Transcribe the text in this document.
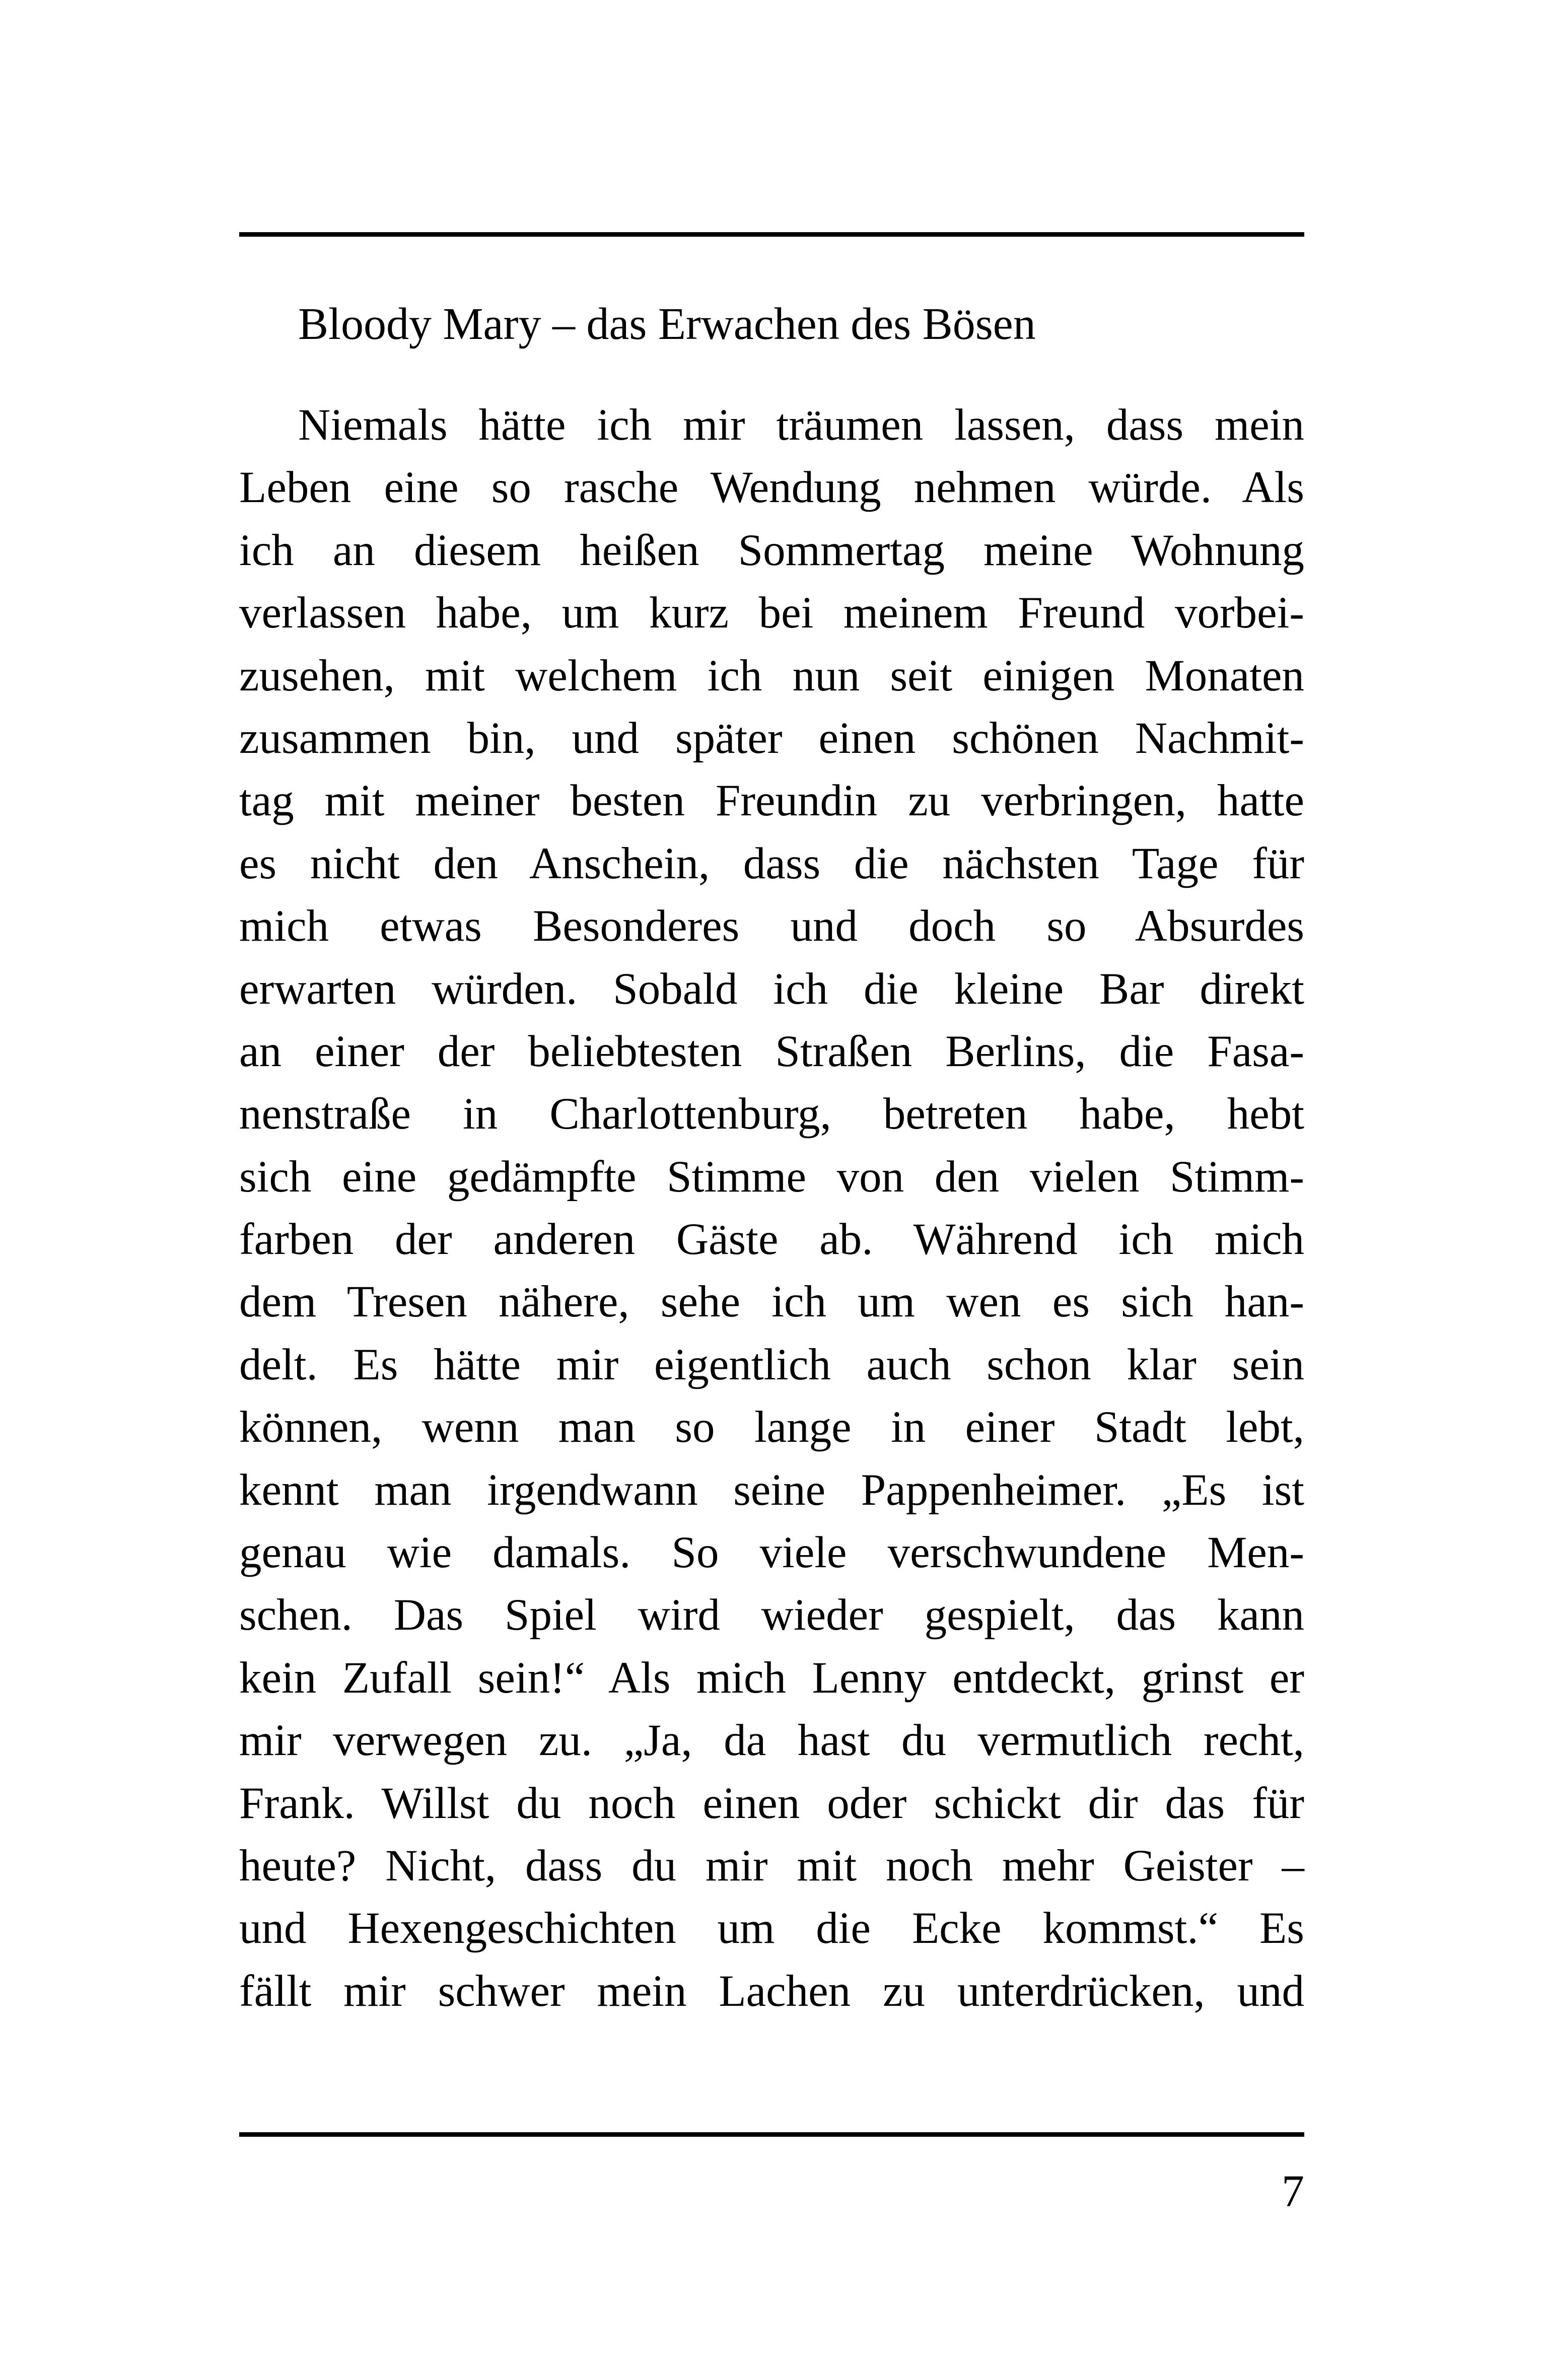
Bloody Mary – das Erwachen des Bösen
Niemals hätte ich mir träumen lassen, dass mein
Leben eine so rasche Wendung nehmen würde. Als
ich an diesem heißen Sommertag meine Wohnung
verlassen habe, um kurz bei meinem Freund vorbei-
zusehen, mit welchem ich nun seit einigen Monaten
zusammen bin, und später einen schönen Nachmit-
tag mit meiner besten Freundin zu verbringen, hatte
es nicht den Anschein, dass die nächsten Tage für
mich etwas Besonderes und doch so Absurdes
erwarten würden. Sobald ich die kleine Bar direkt
an einer der beliebtesten Straßen Berlins, die Fasa-
nenstraße in Charlottenburg, betreten habe, hebt
sich eine gedämpfte Stimme von den vielen Stimm-
farben der anderen Gäste ab. Während ich mich
dem Tresen nähere, sehe ich um wen es sich han-
delt. Es hätte mir eigentlich auch schon klar sein
können, wenn man so lange in einer Stadt lebt,
kennt man irgendwann seine Pappenheimer. „Es ist
genau wie damals. So viele verschwundene Men-
schen. Das Spiel wird wieder gespielt, das kann
kein Zufall sein!“ Als mich Lenny entdeckt, grinst er
mir verwegen zu. „Ja, da hast du vermutlich recht,
Frank. Willst du noch einen oder schickt dir das für
heute? Nicht, dass du mir mit noch mehr Geister –
und Hexengeschichten um die Ecke kommst.“ Es
fällt mir schwer mein Lachen zu unterdrücken, und
7
